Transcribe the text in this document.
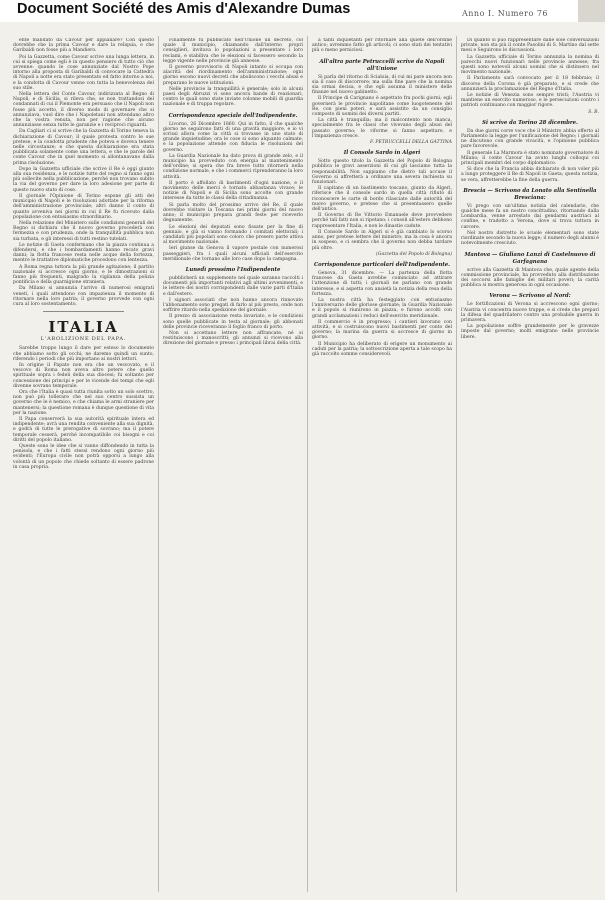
Document Société des Amis d'Alexandre Dumas	Anno I. Numero 76

ente mandato da Cavour per appianare? Con questo dovrebbe che la prima Cavour e dare la reliquia, e che Garibaldi non fosse più a Mandiero.

Poi la Gazzetta, come Cavour scrive una lunga lettera, in cui si spiega come egli è in questo pensiero di tutto ciò che avvenne: quando le cose annunziate dal Nostro Pope intorno alla proposta di Garibaldi di convocare la Cattedra di Napoli a notte era stato presentato ed fatto intorno a noi, e la condotta di Cavour venne con tutta la benevolenza del suo stile.

Nella lettera del Conte Cavour, indirizzata al Regno di Napoli, e di Sicilia, si rileva che, se non trattandosi del condannati di cui il Piemonte era persuaso che il Napoli non fosse più accetto, il diverso modo di governare che si annunziava, vuol dire che i Napoletani non attendano altro che la vostra venuta, non per ragione che alcuno annunziasse senza tutte le garanzie e i reciproci riguardi.

Da Cagliari ci si scrive che la Gazzetta di Torino teneva la dichiarazione di Cavour; il quale protesta contro le sue pretese, e la condotta prudente che poteva e doveva tenere nelle circostanze; e che questa dichiarazione era stata pubblicata solamente come una lettera, e che le parole del conte Cavour che in quel momento si allontanavano dalla prima risoluzione.

Dopo la Gazzetta ufficiale che scrive il Re è oggi giunto alla sua residenza, e le notizie tutte del regno si fanno ogni più sollecite nella pubblicazione, perché non trovano subito la via del governo per dare la loro adesione per parte di questo nuovo stato di cose.

Il giornale l'Opinione di Torino espone gli atti del municipio di Napoli e le risoluzioni adottate per la riforma dell'amministrazione provinciale; altri danno il conto di quanto avveniva nei giorni in cui il Re fu ricevuto dalla popolazione con entusiasmo straordinario.

Nella relazione del Ministero sulle condizioni generali del Regno si dichiara che il nuovo governo procederà con fermezza e con prudenza, onde la tranquillità pubblica non sia turbata, e gli interessi di tutti restino tutelati.

Le notizie di Gaeta confermano che la piazza continua a difendersi, e che i bombardamenti hanno recato gravi danni; la flotta francese resta nelle acque della fortezza, mentre le trattative diplomatiche procedono con lentezza.

A Roma regna tuttora la più grande agitazione; il partito nazionale si accresce ogni giorno, e le dimostrazioni si fanno più frequenti, malgrado la vigilanza della polizia pontificia e della guarnigione straniera.

Da Milano si annunzia l'arrivo di numerosi emigrati veneti, i quali attendono con impazienza il momento di ritornare nella loro patria; il governo provvede con ogni cura al loro sostentamento.

ITALIA
L'ABOLIZIONE DEL PAPA.

Sarebbe troppo lungo il dare per esteso lo documento che abbiamo sotto gli occhi; ne daremo quindi un sunto, riferendo i periodi che più importano ai nostri lettori.

In origine il Papato non era che un vescovato, e il vescovo di Roma non aveva altro potere che quello spirituale sopra i fedeli della sua diocesi; fu soltanto per concessione dei principi e per le vicende dei tempi che egli divenne sovrano temporale.

Ora che l'Italia è quasi tutta riunita sotto un solo scettro, non può più tollerare che nel suo centro sussista un governo che le è nemico, e che chiama le armi straniere per mantenersi; la questione romana è dunque questione di vita per la nazione.

Il Papa conserverà la sua autorità spirituale intera ed indipendente; avrà una rendita conveniente alla sua dignità, e godrà di tutte le prerogative di sovrano; ma il potere temporale cesserà, perché incompatibile coi bisogni e coi diritti del popolo italiano.

Queste sono le idee che si vanno diffondendo in tutta la penisola, e che i fatti stessi rendono ogni giorno più evidenti; l'Europa civile non potrà opporsi a lungo alla volontà di un popolo che chiede soltanto di essere padrone in casa propria.

Finalmente fu pubblicato nell'Unione un decreto, col quale il municipio, chiamando dall'interno propri consiglieri, invitava lo popolazioni a presentare i loro reclami, e stabiliva che le elezioni si facessero secondo la legge vigente nelle provincie già annesse.

Il governo provvisorio di Napoli intanto si occupa con alacrità del riordinamento dell'amministrazione; ogni giorno escono nuovi decreti che aboliscono i vecchi abusi e preparano le nuove istituzioni.

Nelle provincie la tranquillità è generale; solo in alcuni paesi degli Abruzzi vi sono ancora bande di reazionari, contro le quali sono state inviate colonne mobili di guardia nazionale e di truppa regolare.

Corrispondenza speciale dell'Indipendente.

Livorno, 26 Dicembre 1860. Qui in fatto, il che qualche giorno ne seguirono fatti di una gravità maggiore, e io vi scrissi allora come la città si trovasse in uno stato di grande inquietudine; ora le cose si sono alquanto calmate, e la popolazione attende con fiducia le risoluzioni del governo.

La Guardia Nazionale ha dato prova di grande zelo, e il municipio ha provveduto con energia al mantenimento dell'ordine; si spera che fra breve tutto ritornerà nella condizione normale, e che i commerci riprenderanno la loro attività.

Il porto è affollato di bastimenti d'ogni nazione, e il movimento delle merci è tornato abbastanza vivace; le notizie di Napoli e di Sicilia sono accolte con grande interesse da tutte le classi della cittadinanza.

Si parla molto del prossimo arrivo del Re, il quale dovrebbe visitare la Toscana nei primi giorni del nuovo anno; il municipio prepara grandi feste per riceverlo degnamente.

Le elezioni dei deputati sono fissate per la fine di gennaio, e già si vanno formando i comitati elettorali; i candidati più popolari sono coloro che presero parte attiva al movimento nazionale.

Ieri giunse da Genova il vapore postale con numerosi passeggieri, fra i quali alcuni ufficiali dell'esercito meridionale che tornano alle loro case dopo la campagna.

Lunedì prossimo l'Indipendente

pubblicherà un supplemento nel quale saranno raccolti i documenti più importanti relativi agli ultimi avvenimenti, e le lettere dei nostri corrispondenti dalle varie parti d'Italia e dall'estero.

I signori associati che non hanno ancora rinnovato l'abbonamento sono pregati di farlo al più presto, onde non soffrire ritardo nella spedizione del giornale.

Il prezzo di associazione resta invariato, e le condizioni sono quelle pubblicate in testa al giornale; gli abbonati delle provincie riceveranno il foglio franco di porto.

Non si accettano lettere non affrancate, né si restituiscono i manoscritti; gli annunzi si ricevono alla direzione del giornale e presso i principali librai della città.

a tanti inquietanti per ritornare alla quiete dell'ordine antico; avremmo fatto gli articoli; ci sono stati dei tentativi più o meno perniciosi.

All'altra parte Petruccelli scrive da Napoli all'Unione

Si parla del ritorno di Scialoia, di cui mi pare ancora non sia il caso di discorrere; ma sulla fine pare che la nomina sia ormai decisa, e che egli assuma il ministero delle finanze nel nuovo gabinetto.

Il Principe di Carignano è aspettato fra pochi giorni; egli governerà le provincie napolitane come luogotenente del Re, con pieni poteri, e sarà assistito da un consiglio composto di uomini dei diversi partiti.

La città è tranquilla; ma il malcontento non manca, specialmente fra le classi che vivevano degli abusi del passato governo; le riforme si fanno aspettare, e l'impazienza cresce.

F. PETRUCCELLI DELLA GATTINA

Il Console Sardo in Algeri

Sotto questo titolo la Gazzetta del Popolo di Bologna pubblica le gravi asserzioni di cui gli lasciamo tutta la responsabilità. Non sappiamo che dietro tali accuse il Governo si affretterà a ordinare una severa inchiesta su funzionari.

Il capitano di un bastimento toscano, giunto da Algeri, riferisce che il console sardo in quella città rifiutò di riconoscere le carte di bordo rilasciate dalle autorità del nuovo governo, e pretese che si presentassero quelle dell'antico.

Il Governo di Re Vittorio Emanuele deve provvedere perché tali fatti non si ripetano; i consoli all'estero debbono rappresentare l'Italia, e non le dinastie cadute.

Il Console Sardo in Algeri si è già cambiato lo scorso anno, per pretese lettere del ministro; ma la cosa è ancora in sospeso, e ci sembra che il governo non debba tardare più oltre.

(Gazzetta del Popolo di Bologna)

Corrispondenze particolari dell'Indipendente.

Genova, 31 dicembre. — La partenza della flotta francese da Gaeta avrebbe cominciato ad attirare l'attenzione di tutti; i giornali ne parlano con grande interesse, e si aspetta con ansietà la notizia della resa della fortezza.

La nostra città ha festeggiato con entusiasmo l'anniversario delle gloriose giornate; la Guardia Nazionale e il popolo si riunirono in piazza, e furono accolti con grandi acclamazioni i reduci dell'esercito meridionale.

Il commercio è in progresso; i cantieri lavorano con attività, e si costruiscono nuovi bastimenti per conto del governo; la marina da guerra si accresce di giorno in giorno.

Il Municipio ha deliberato di erigere un monumento ai caduti per la patria; la sottoscrizione aperta a tale scopo ha già raccolto somme considerevoli.

Di quanto si può rappresentare dalle sole conversazioni private, non sta più il conte Pasolini di S. Martino dal sette mesi e Seguirono le discussioni.

La Gazzetta ufficiale di Torino annunzia la nomina di parecchi nuovi funzionari nelle provincie annesse; fra questi sono notevoli alcuni uomini che si distinsero nel movimento nazionale.

Il Parlamento sarà convocato per il 18 febbraio; il discorso della Corona è già preparato, e si crede che annunzierà la proclamazione del Regno d'Italia.

Le notizie di Venezia sono sempre tristi; l'Austria vi mantiene un esercito numeroso, e le persecuzioni contro i patrioti continuano con maggior rigore.

S. B.

Si scrive da Torino 28 dicembre.

Da due giorni corre voce che il Ministro abbia offerto al Parlamento la legge per l'unificazione del Regno; i giornali ne discutono con grande vivacità, e l'opinione pubblica pare favorevole.

Il generale La Marmora è stato nominato governatore di Milano; il conte Cavour ha avuto lunghi colloqui coi principali membri del corpo diplomatico.

Si dice che la Francia abbia dichiarato di non voler più a lungo proteggere il Re di Napoli in Gaeta; questa notizia, se vera, affretterebbe la fine della guerra.

Brescia — Scrivono da Lonato alla Sentinella Bresciana:

Vi prego con un'ultima notizia del calendario, che qualche mese fa un nostro concittadino, ritornando dalla Lombardia, venne arrestato dai gendarmi austriaci al confine, e tradotto a Verona, dove si trova tuttora in carcere.

Nel nostro distretto le scuole elementari sono state riordinate secondo la nuova legge; il numero degli alunni è notevolmente cresciuto.

Mantova — Giuliano Lanzi di Castelnuovo di Garfagnana

scrive alla Gazzetta di Mantova che, quale agente della commissione provinciale, ha provveduto alla distribuzione dei soccorsi alle famiglie dei militari poveri; la carità pubblica si mostra generosa in ogni occasione.

Verona — Scrivono al Nord:

Le fortificazioni di Verona si accrescono ogni giorno; l'Austria vi concentra nuove truppe, e si crede che prepari la difesa del quadrilatero contro una probabile guerra in primavera.

La popolazione soffre grandemente per le gravezze imposte dal governo; molti emigrano nelle provincie libere.
